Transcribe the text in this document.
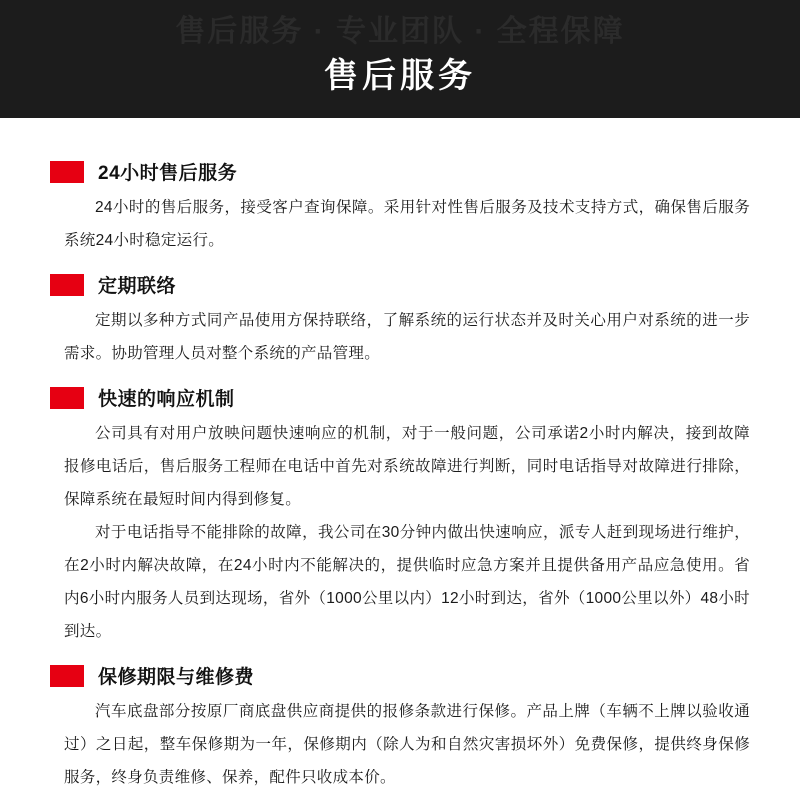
售后服务 · 专业团队 · 全程保障
售后服务
24小时售后服务

24小时的售后服务，接受客户查询保障。采用针对性售后服务及技术支持方式，确保售后服务系统24小时稳定运行。

定期联络

定期以多种方式同产品使用方保持联络，了解系统的运行状态并及时关心用户对系统的进一步需求。协助管理人员对整个系统的产品管理。

快速的响应机制

公司具有对用户放映问题快速响应的机制，对于一般问题，公司承诺2小时内解决，接到故障报修电话后，售后服务工程师在电话中首先对系统故障进行判断，同时电话指导对故障进行排除，保障系统在最短时间内得到修复。

对于电话指导不能排除的故障，我公司在30分钟内做出快速响应，派专人赶到现场进行维护，在2小时内解决故障，在24小时内不能解决的，提供临时应急方案并且提供备用产品应急使用。省内6小时内服务人员到达现场，省外（1000公里以内）12小时到达，省外（1000公里以外）48小时到达。

保修期限与维修费

汽车底盘部分按原厂商底盘供应商提供的报修条款进行保修。产品上牌（车辆不上牌以验收通过）之日起，整车保修期为一年，保修期内（除人为和自然灾害损坏外）免费保修，提供终身保修服务，终身负责维修、保养，配件只收成本价。
